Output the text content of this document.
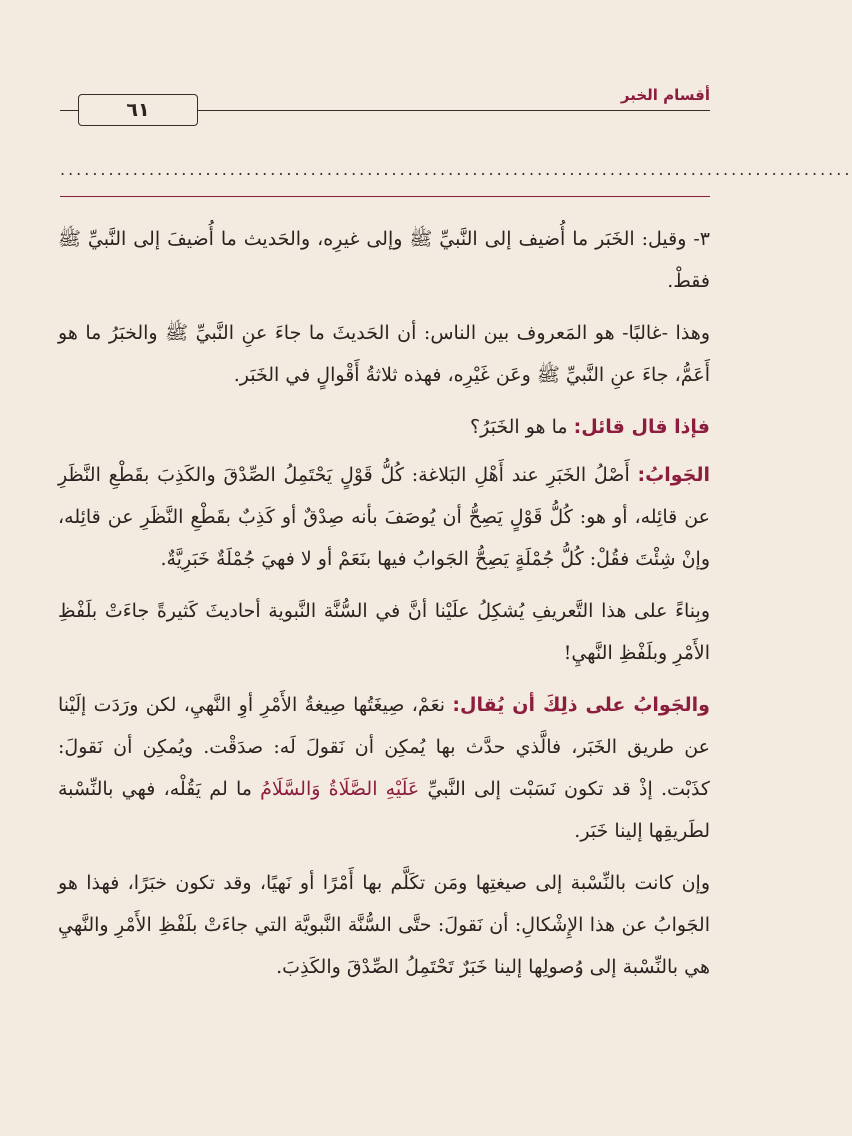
٦١
أقسام الخبر
..................................................................................................

٣- وقيل: الخَبَر ما أُضيف إلى النَّبيِّ ﷺ وإلى غيرِه، والحَديث ما أُضيفَ إلى النَّبيِّ ﷺ فقطْ.

وهذا -غالبًا- هو المَعروف بين الناس: أن الحَديثَ ما جاءَ عنِ النَّبيِّ ﷺ والخبَرُ ما هو أَعَمُّ، جاءَ عنِ النَّبيِّ ﷺ وعَن غَيْرِه، فهذه ثلاثةُ أَقْوالٍ في الخَبَر.

فإذا قال قائل: ما هو الخَبَرُ؟

الجَوابُ: أَصْلُ الخَبَرِ عند أَهْلِ البَلاغة: كُلُّ قَوْلٍ يَحْتَمِلُ الصِّدْقَ والكَذِبَ بقَطْعِ النَّظَرِ عن قائِله، أو هو: كُلُّ قَوْلٍ يَصِحُّ أن يُوصَفَ بأنه صِدْقٌ أو كَذِبٌ بقَطْعِ النَّظَرِ عن قائِله، وإنْ شِئْتَ فقُلْ: كُلُّ جُمْلَةٍ يَصِحُّ الجَوابُ فيها بنَعَمْ أو لا فهيَ جُمْلَةٌ خَبَرِيَّةٌ.

وبِناءً على هذا التَّعريفِ يُشكِلُ علَيْنا أنَّ في السُّنَّة النَّبوية أحاديثَ كَثيرةً جاءَتْ بلَفْظِ الأَمْرِ وبلَفْظِ النَّهيِ!

والجَوابُ على ذلِكَ أن يُقال: نعَمْ، صِيغَتُها صِيغةُ الأَمْرِ أوِ النَّهيِ، لكن ورَدَت إلَيْنا عن طريق الخَبَر، فالَّذي حدَّث بها يُمكِن أن نَقولَ لَه: صدَقْت. ويُمكِن أن نَقولَ: كذَبْت. إذْ قد تكون نَسَبْت إلى النَّبيِّ عَلَيْهِ الصَّلَاةُ وَالسَّلَامُ ما لم يَقُلْه، فهي بالنِّسْبة لطَريقِها إلينا خَبَر.

وإن كانت بالنِّسْبة إلى صيغتِها ومَن تكَلَّم بها أَمْرًا أو نَهيًا، وقد تكون خبَرًا، فهذا هو الجَوابُ عن هذا الإِشْكالِ: أن نَقولَ: حتَّى السُّنَّة النَّبويَّة التي جاءَتْ بلَفْظِ الأَمْرِ والنَّهيِ هي بالنِّسْبة إلى وُصولِها إلينا خَبَرٌ تَحْتَمِلُ الصِّدْقَ والكَذِبَ.
